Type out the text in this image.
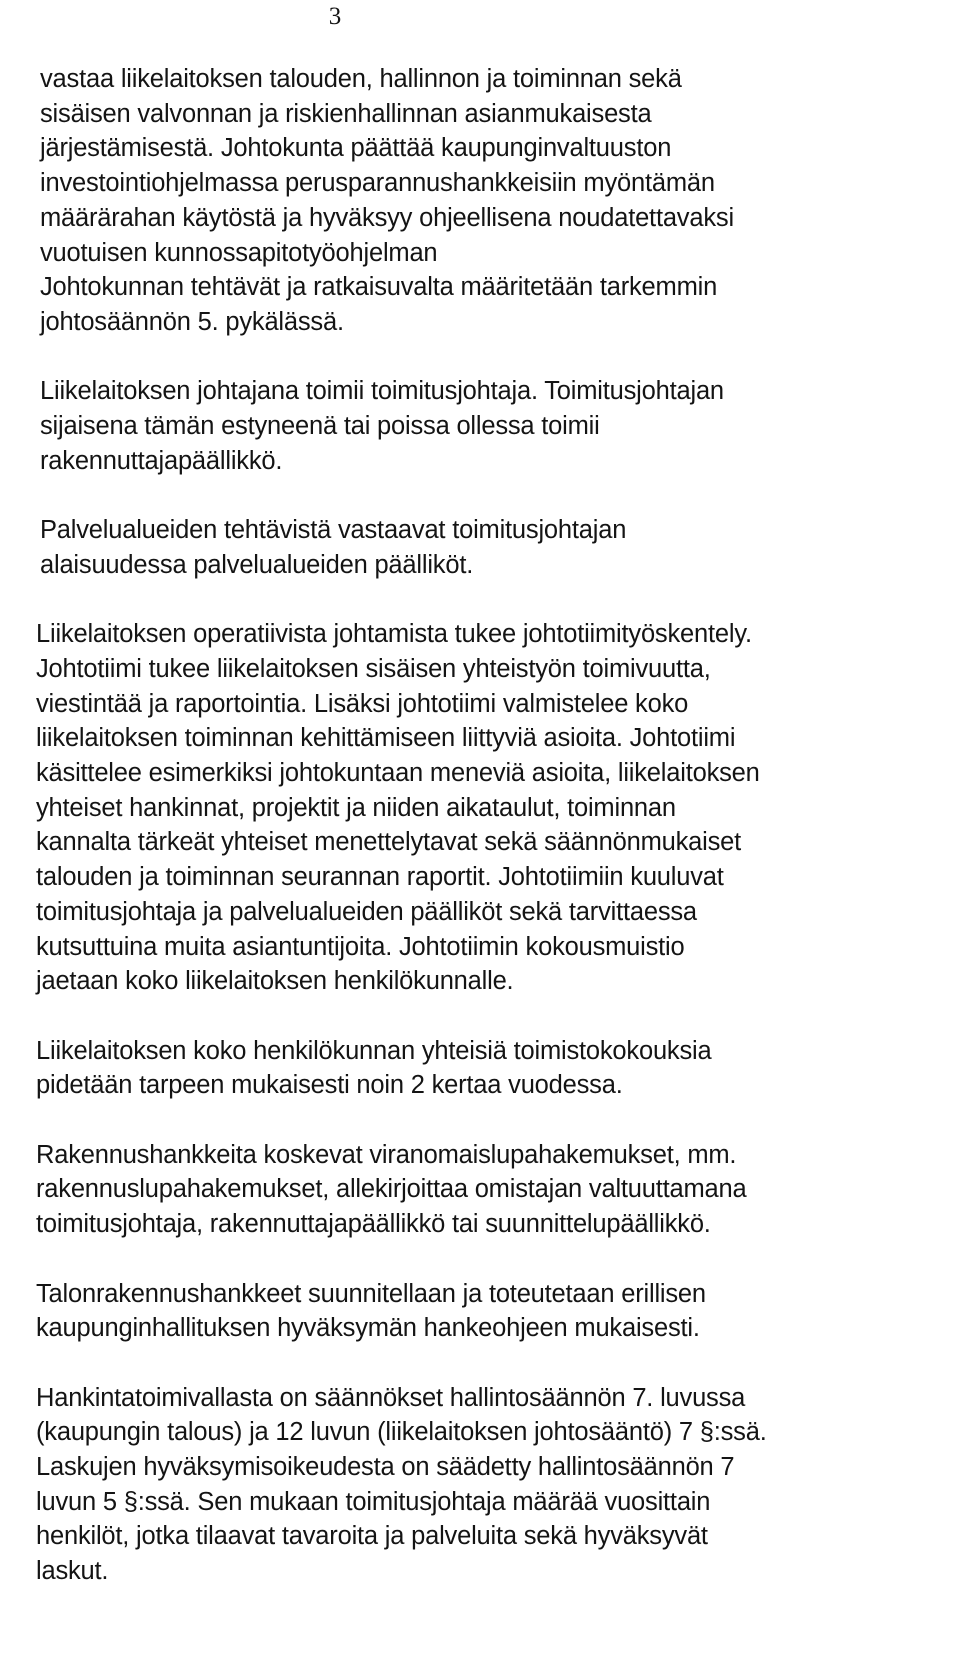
3

vastaa liikelaitoksen talouden, hallinnon ja toiminnan sekä
sisäisen valvonnan ja riskienhallinnan asianmukaisesta
järjestämisestä. Johtokunta päättää kaupunginvaltuuston
investointiohjelmassa perusparannushankkeisiin myöntämän
määrärahan käytöstä ja hyväksyy ohjeellisena noudatettavaksi
vuotuisen kunnossapitotyöohjelman
Johtokunnan tehtävät ja ratkaisuvalta määritetään tarkemmin
johtosäännön 5. pykälässä.

Liikelaitoksen johtajana toimii toimitusjohtaja. Toimitusjohtajan
sijaisena tämän estyneenä tai poissa ollessa toimii
rakennuttajapäällikkö.

Palvelualueiden tehtävistä vastaavat toimitusjohtajan
alaisuudessa palvelualueiden päälliköt.

Liikelaitoksen operatiivista johtamista tukee johtotiimityöskentely.
Johtotiimi tukee liikelaitoksen sisäisen yhteistyön toimivuutta,
viestintää ja raportointia. Lisäksi johtotiimi valmistelee koko
liikelaitoksen toiminnan kehittämiseen liittyviä asioita. Johtotiimi
käsittelee esimerkiksi johtokuntaan meneviä asioita, liikelaitoksen
yhteiset hankinnat, projektit ja niiden aikataulut, toiminnan
kannalta tärkeät yhteiset menettelytavat sekä säännönmukaiset
talouden ja toiminnan seurannan raportit. Johtotiimiin kuuluvat
toimitusjohtaja ja palvelualueiden päälliköt sekä tarvittaessa
kutsuttuina muita asiantuntijoita. Johtotiimin kokousmuistio
jaetaan koko liikelaitoksen henkilökunnalle.

Liikelaitoksen koko henkilökunnan yhteisiä toimistokokouksia
pidetään tarpeen mukaisesti noin 2 kertaa vuodessa.

Rakennushankkeita koskevat viranomaislupahakemukset, mm.
rakennuslupahakemukset, allekirjoittaa omistajan valtuuttamana
toimitusjohtaja, rakennuttajapäällikkö tai suunnittelupäällikkö.

Talonrakennushankkeet suunnitellaan ja toteutetaan erillisen
kaupunginhallituksen hyväksymän hankeohjeen mukaisesti.

Hankintatoimivallasta on säännökset hallintosäännön 7. luvussa
(kaupungin talous) ja 12 luvun (liikelaitoksen johtosääntö) 7 §:ssä.
Laskujen hyväksymisoikeudesta on säädetty hallintosäännön 7
luvun 5 §:ssä. Sen mukaan toimitusjohtaja määrää vuosittain
henkilöt, jotka tilaavat tavaroita ja palveluita sekä hyväksyvät
laskut.
